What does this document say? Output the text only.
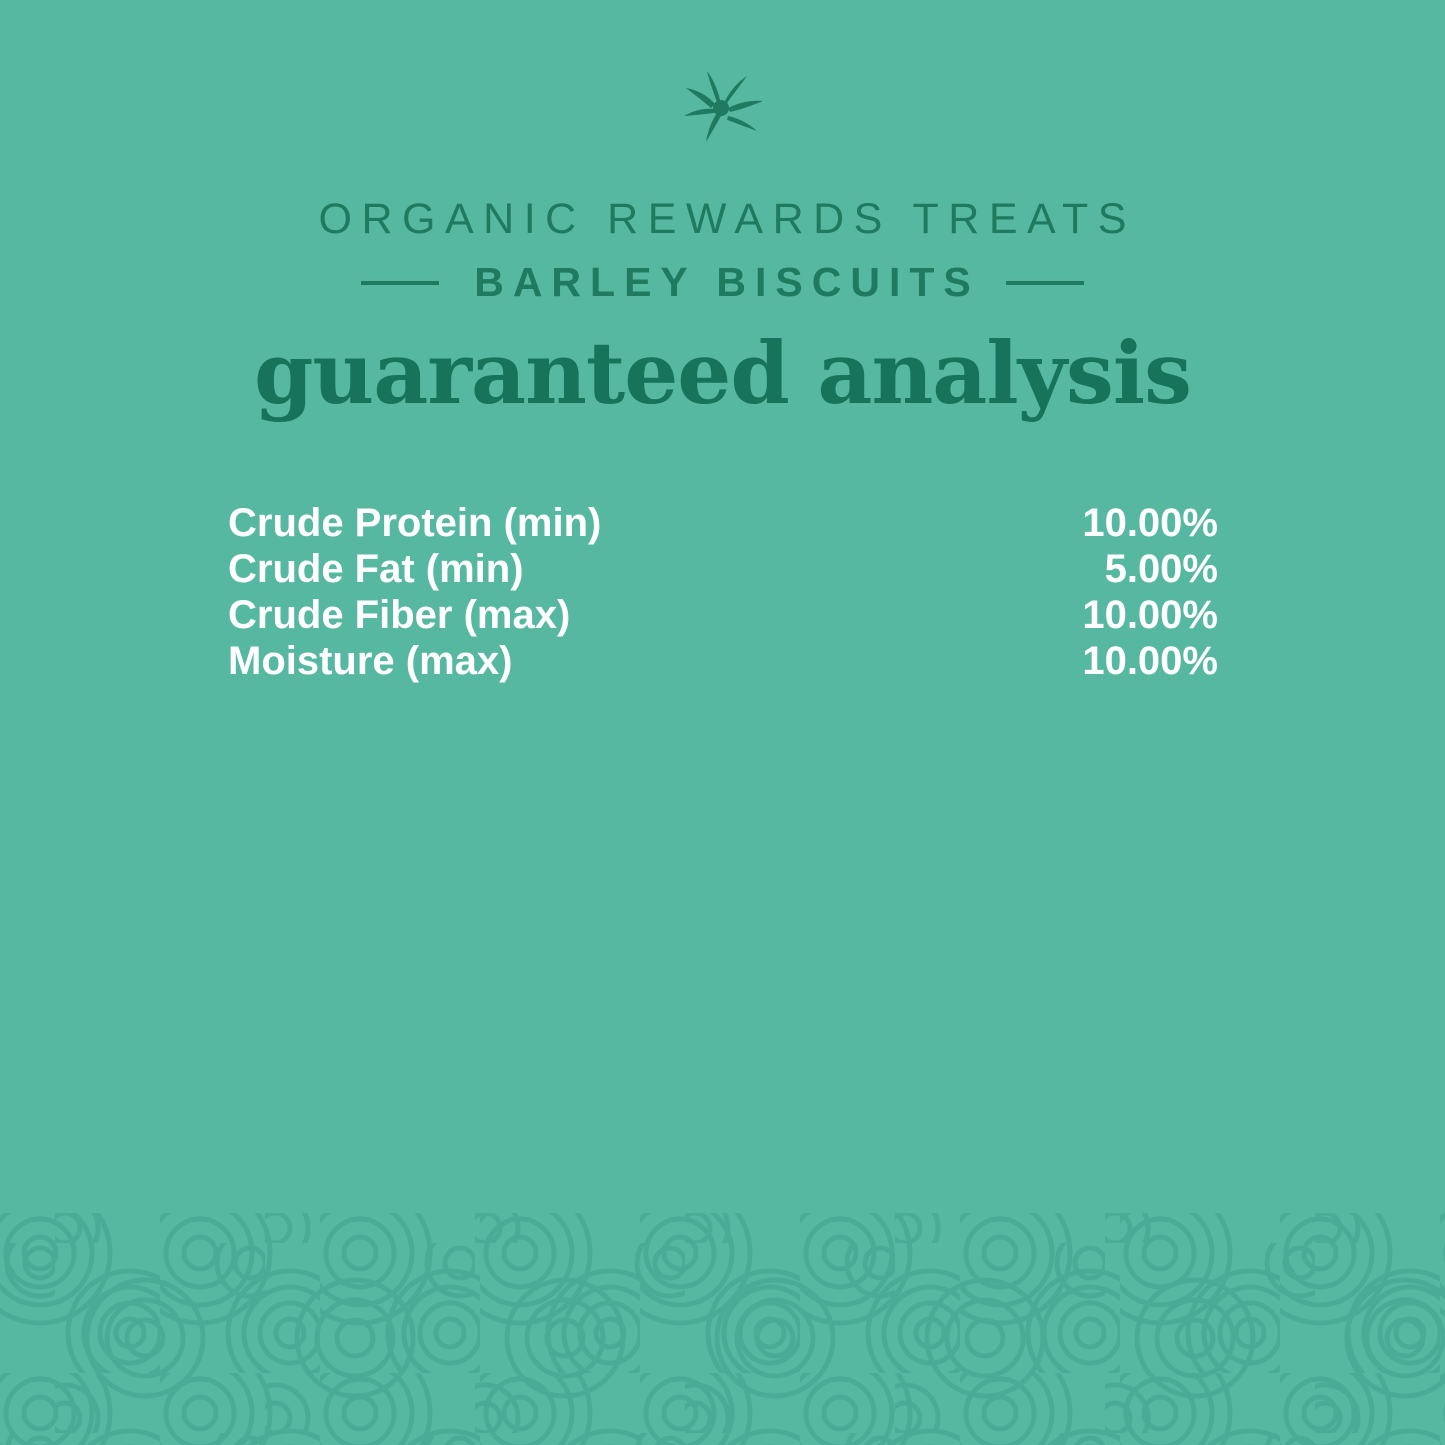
ORGANIC REWARDS TREATS
BARLEY BISCUITS
guaranteed analysis
Crude Protein (min)	10.00%
Crude Fat (min)	5.00%
Crude Fiber (max)	10.00%
Moisture (max)	10.00%
